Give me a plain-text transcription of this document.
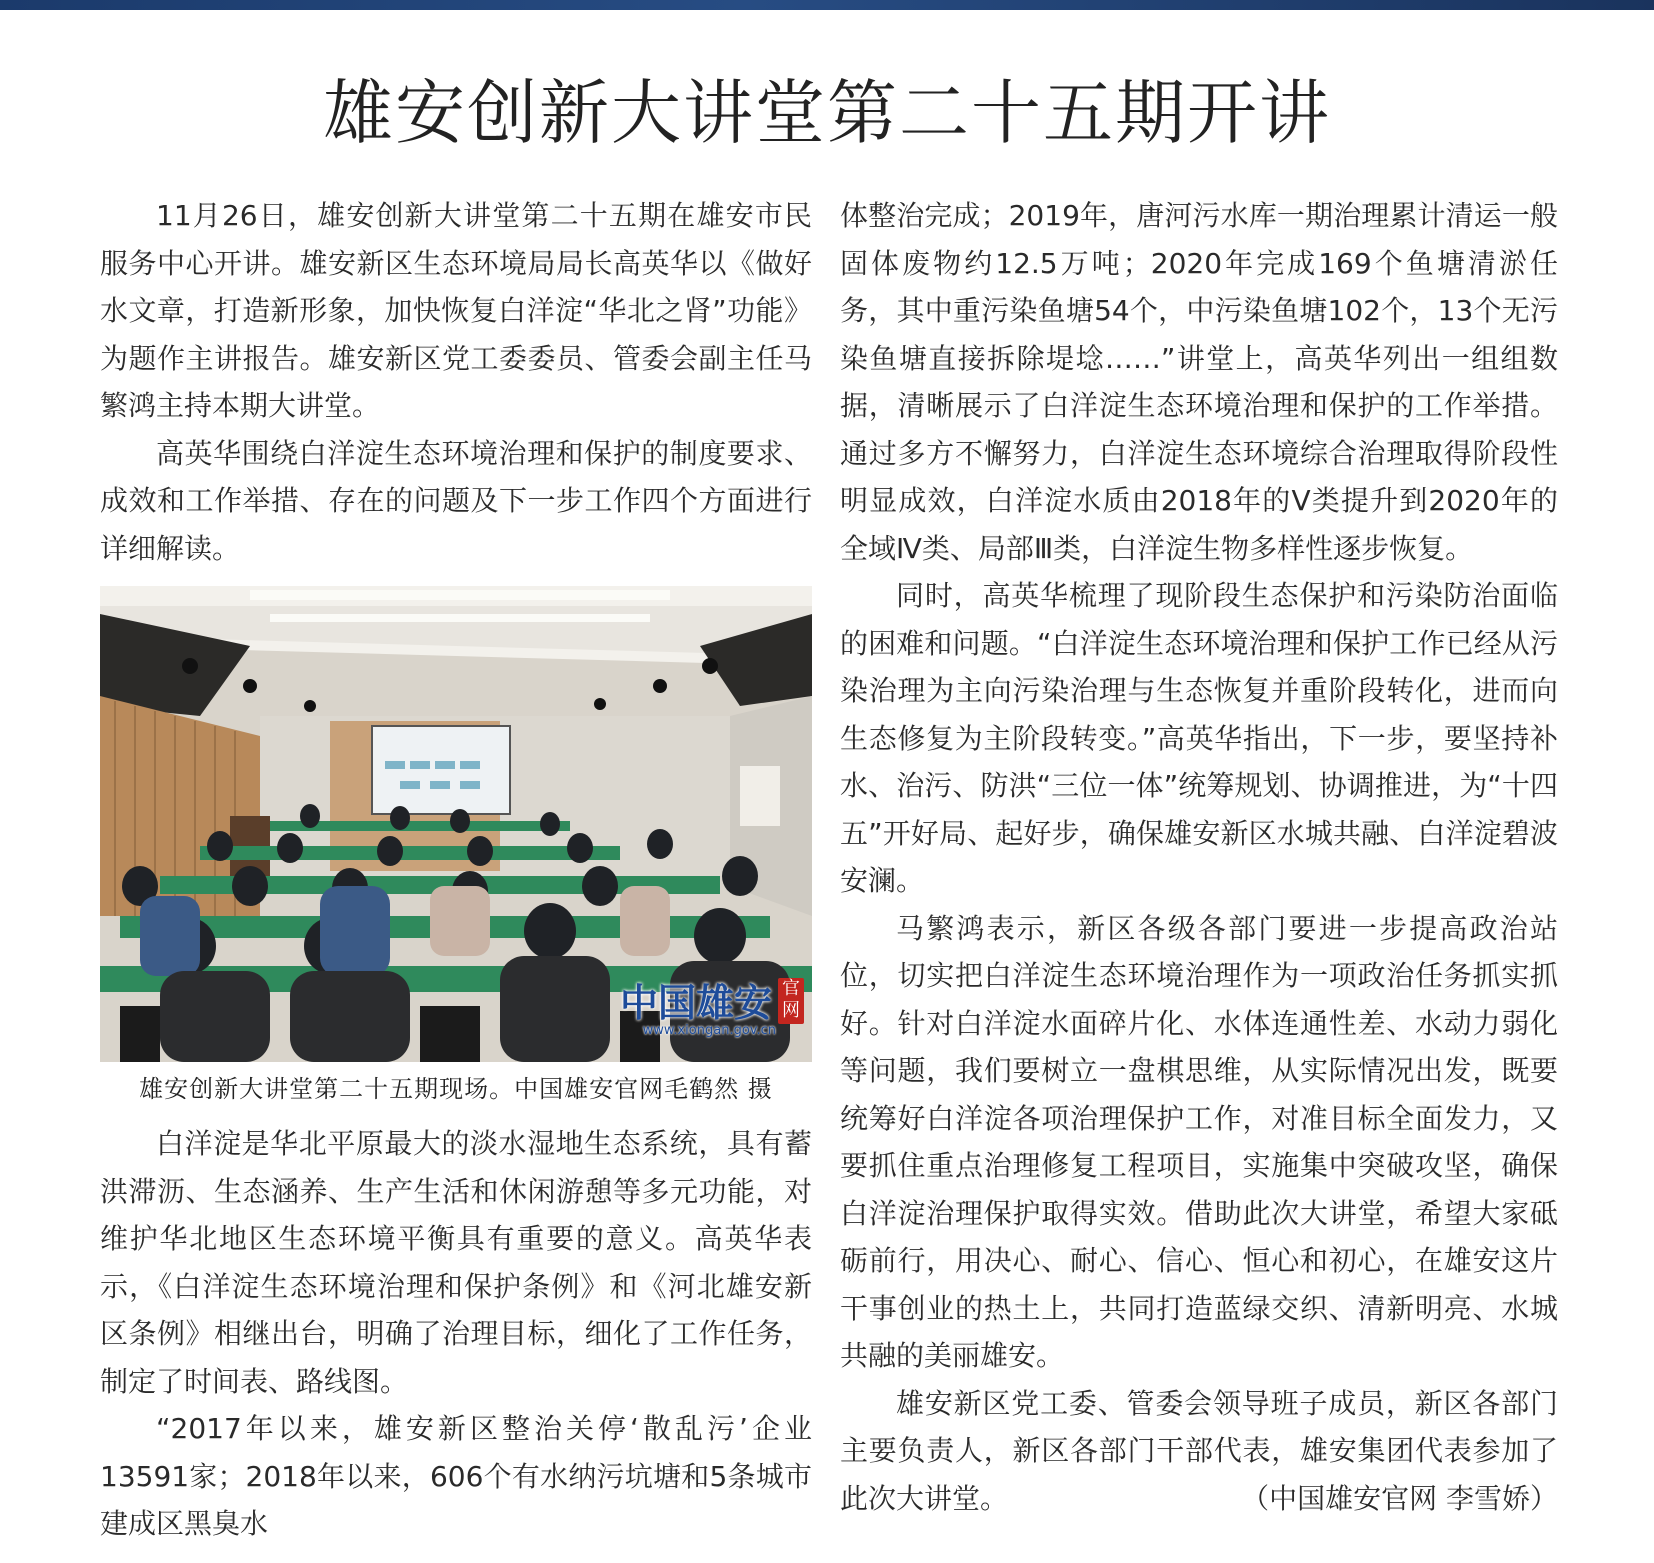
雄安创新大讲堂第二十五期开讲

11月26日，雄安创新大讲堂第二十五期在雄安市民服务中心开讲。雄安新区生态环境局局长高英华以《做好水文章，打造新形象，加快恢复白洋淀“华北之肾”功能》为题作主讲报告。雄安新区党工委委员、管委会副主任马繁鸿主持本期大讲堂。

高英华围绕白洋淀生态环境治理和保护的制度要求、成效和工作举措、存在的问题及下一步工作四个方面进行详细解读。

中国雄安 官网
www.xiongan.gov.cn
雄安创新大讲堂第二十五期现场。中国雄安官网毛鹤然 摄

白洋淀是华北平原最大的淡水湿地生态系统，具有蓄洪滞沥、生态涵养、生产生活和休闲游憩等多元功能，对维护华北地区生态环境平衡具有重要的意义。高英华表示，《白洋淀生态环境治理和保护条例》和《河北雄安新区条例》相继出台，明确了治理目标，细化了工作任务，制定了时间表、路线图。

“2017年以来，雄安新区整治关停‘散乱污’企业13591家；2018年以来，606个有水纳污坑塘和5条城市建成区黑臭水

体整治完成；2019年，唐河污水库一期治理累计清运一般固体废物约12.5万吨；2020年完成169个鱼塘清淤任务，其中重污染鱼塘54个，中污染鱼塘102个，13个无污染鱼塘直接拆除堤埝……”讲堂上，高英华列出一组组数据，清晰展示了白洋淀生态环境治理和保护的工作举措。通过多方不懈努力，白洋淀生态环境综合治理取得阶段性明显成效，白洋淀水质由2018年的Ⅴ类提升到2020年的全域Ⅳ类、局部Ⅲ类，白洋淀生物多样性逐步恢复。

同时，高英华梳理了现阶段生态保护和污染防治面临的困难和问题。“白洋淀生态环境治理和保护工作已经从污染治理为主向污染治理与生态恢复并重阶段转化，进而向生态修复为主阶段转变。”高英华指出，下一步，要坚持补水、治污、防洪“三位一体”统筹规划、协调推进，为“十四五”开好局、起好步，确保雄安新区水城共融、白洋淀碧波安澜。

马繁鸿表示，新区各级各部门要进一步提高政治站位，切实把白洋淀生态环境治理作为一项政治任务抓实抓好。针对白洋淀水面碎片化、水体连通性差、水动力弱化等问题，我们要树立一盘棋思维，从实际情况出发，既要统筹好白洋淀各项治理保护工作，对准目标全面发力，又要抓住重点治理修复工程项目，实施集中突破攻坚，确保白洋淀治理保护取得实效。借助此次大讲堂，希望大家砥砺前行，用决心、耐心、信心、恒心和初心，在雄安这片干事创业的热土上，共同打造蓝绿交织、清新明亮、水城共融的美丽雄安。

雄安新区党工委、管委会领导班子成员，新区各部门主要负责人，新区各部门干部代表，雄安集团代表参加了此次大讲堂。	（中国雄安官网 李雪娇）
